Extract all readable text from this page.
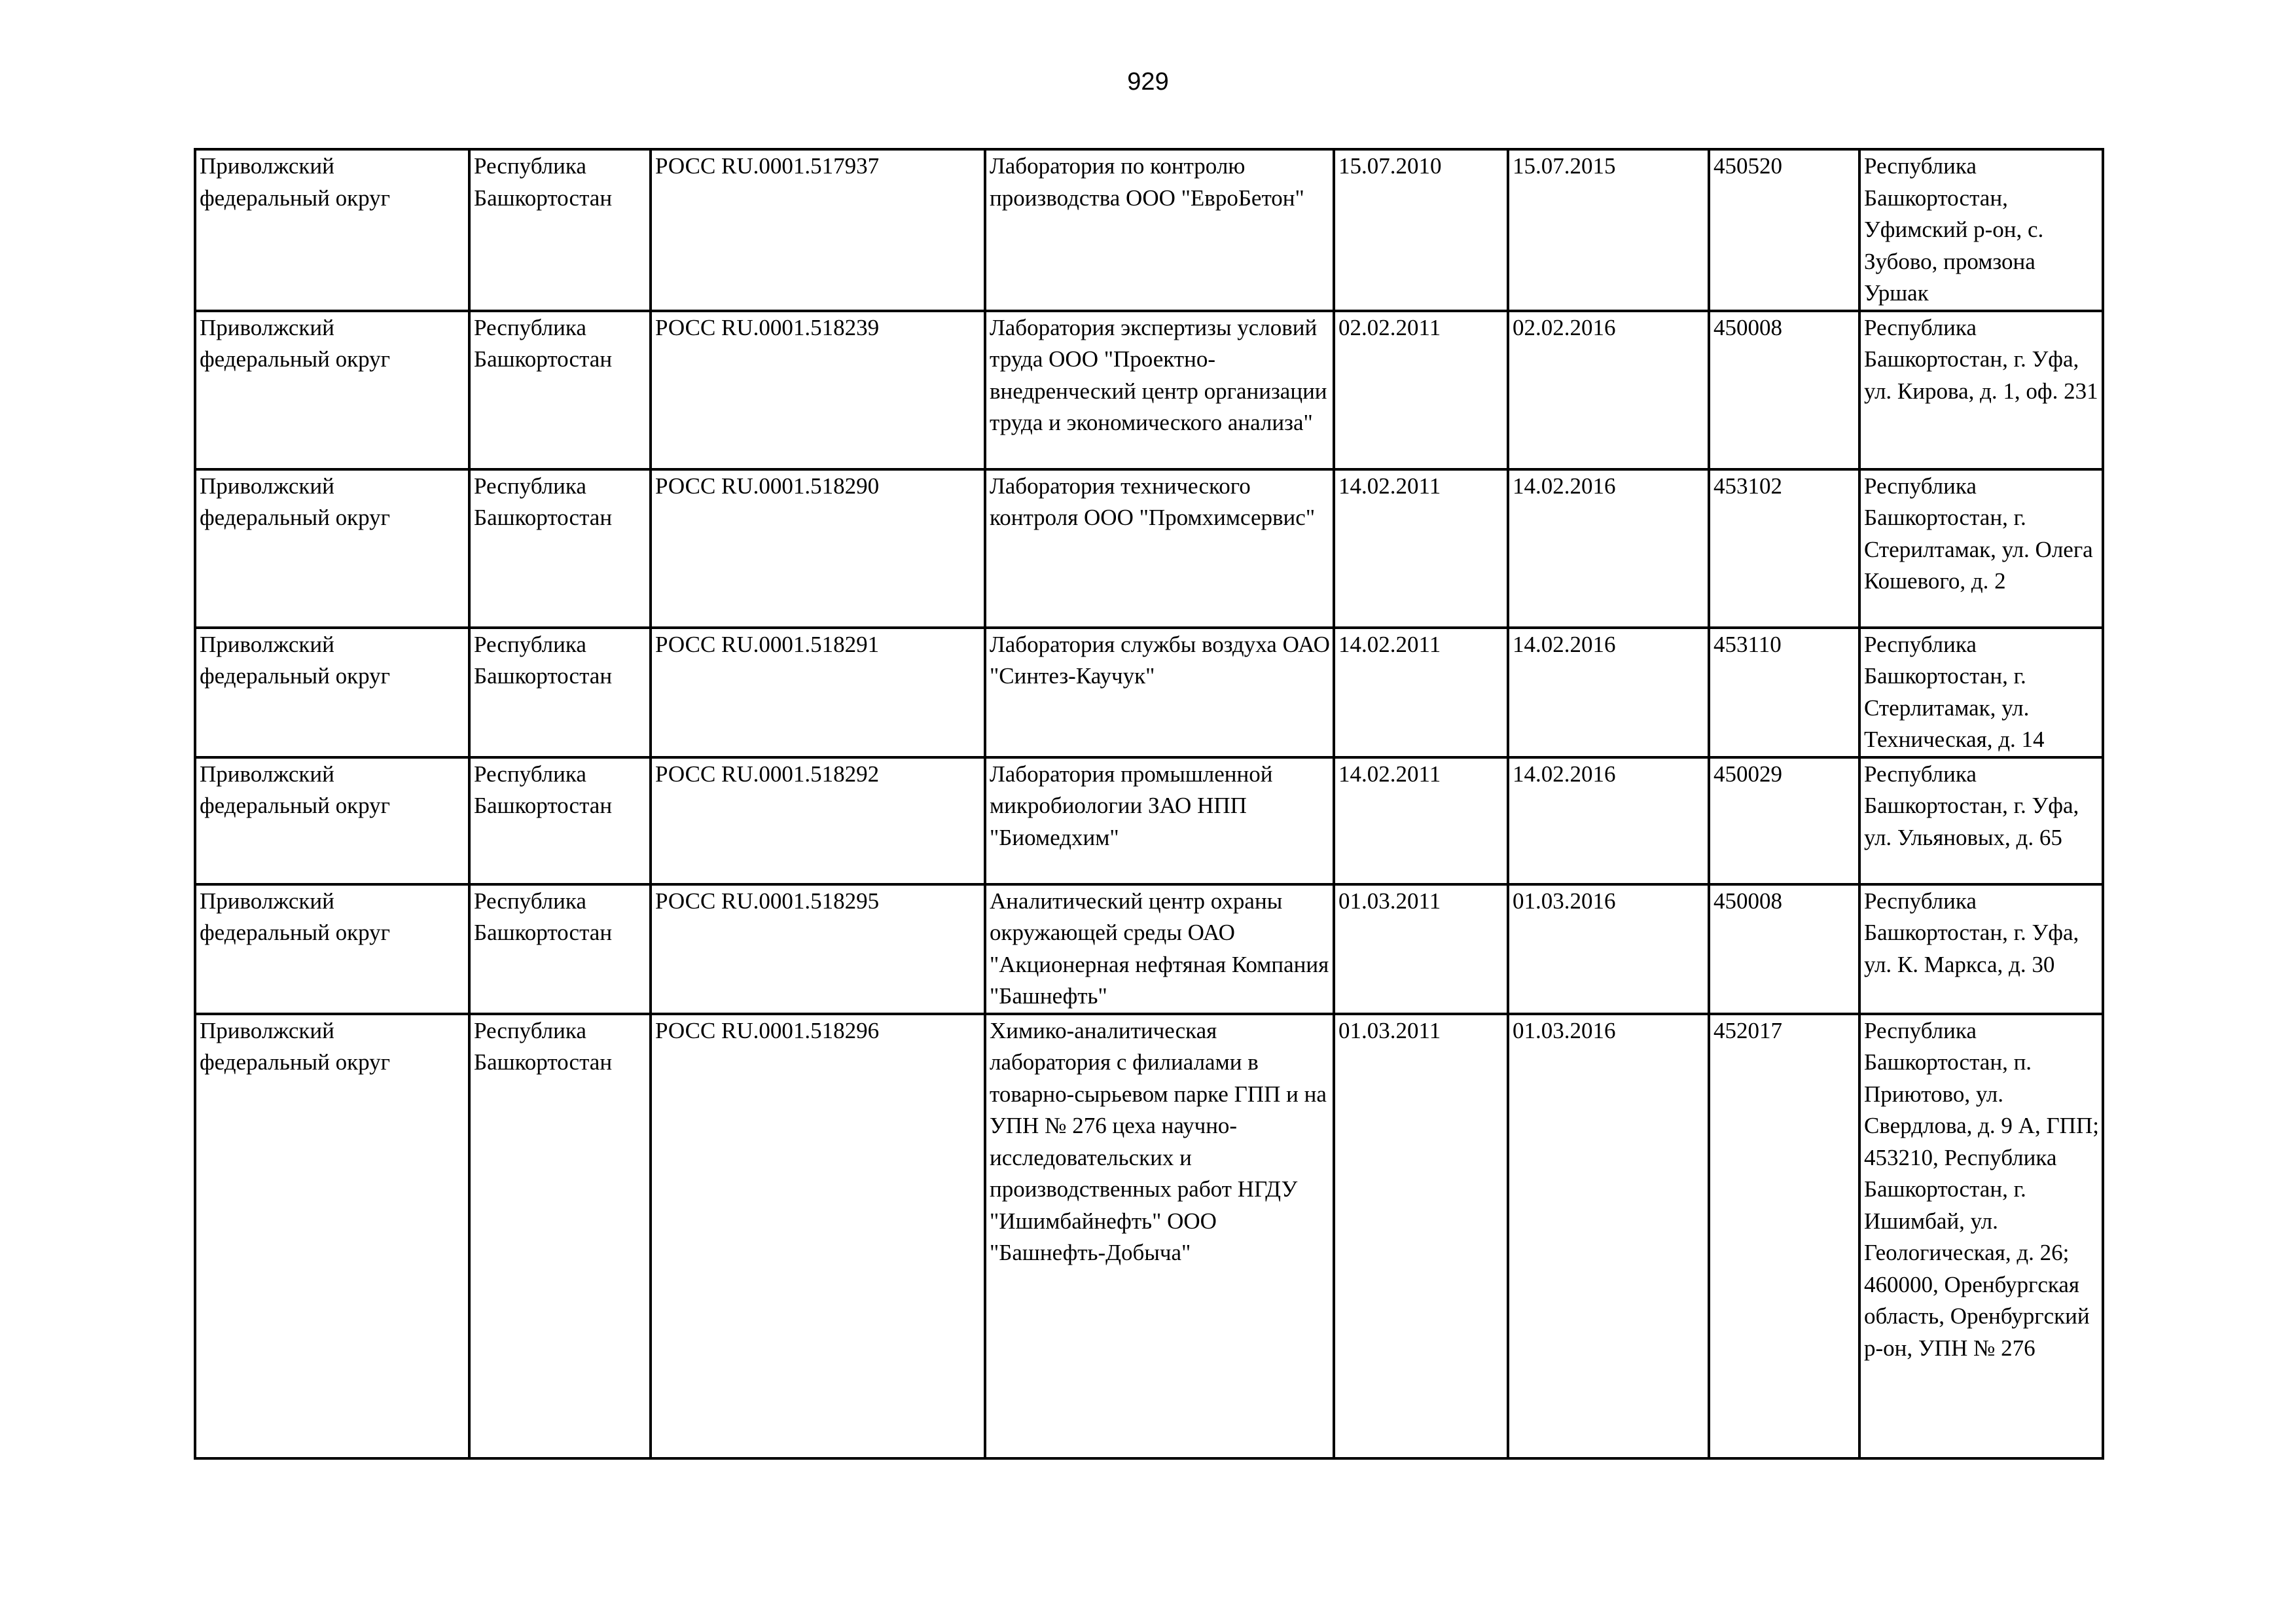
929
Приволжский федеральный округ	Республика Башкортостан	РОСС RU.0001.517937	Лаборатория по контролю производства ООО "ЕвроБетон"	15.07.2010	15.07.2015	450520	Республика Башкортостан, Уфимский р-он, с. Зубово, промзона Уршак
Приволжский федеральный округ	Республика Башкортостан	РОСС RU.0001.518239	Лаборатория экспертизы условий труда ООО "Проектно-внедренческий центр организации труда и экономического анализа"	02.02.2011	02.02.2016	450008	Республика Башкортостан, г. Уфа, ул. Кирова, д. 1, оф. 231
Приволжский федеральный округ	Республика Башкортостан	РОСС RU.0001.518290	Лаборатория технического контроля ООО "Промхимсервис"	14.02.2011	14.02.2016	453102	Республика Башкортостан, г. Стерилтамак, ул. Олега Кошевого, д. 2
Приволжский федеральный округ	Республика Башкортостан	РОСС RU.0001.518291	Лаборатория службы воздуха ОАО "Синтез-Каучук"	14.02.2011	14.02.2016	453110	Республика Башкортостан, г. Стерлитамак, ул. Техническая, д. 14
Приволжский федеральный округ	Республика Башкортостан	РОСС RU.0001.518292	Лаборатория промышленной микробиологии ЗАО НПП "Биомедхим"	14.02.2011	14.02.2016	450029	Республика Башкортостан, г. Уфа, ул. Ульяновых, д. 65
Приволжский федеральный округ	Республика Башкортостан	РОСС RU.0001.518295	Аналитический центр охраны окружающей среды ОАО "Акционерная нефтяная Компания "Башнефть"	01.03.2011	01.03.2016	450008	Республика Башкортостан, г. Уфа, ул. К. Маркса, д. 30
Приволжский федеральный округ	Республика Башкортостан	РОСС RU.0001.518296	Химико-аналитическая лаборатория с филиалами в товарно-сырьевом парке ГПП и на УПН № 276 цеха научно-исследовательских и производственных работ НГДУ "Ишимбайнефть" ООО "Башнефть-Добыча"	01.03.2011	01.03.2016	452017	Республика Башкортостан, п. Приютово, ул. Свердлова, д. 9 А, ГПП; 453210, Республика Башкортостан, г. Ишимбай, ул. Геологическая, д. 26; 460000, Оренбургская область, Оренбургский р-он, УПН № 276
